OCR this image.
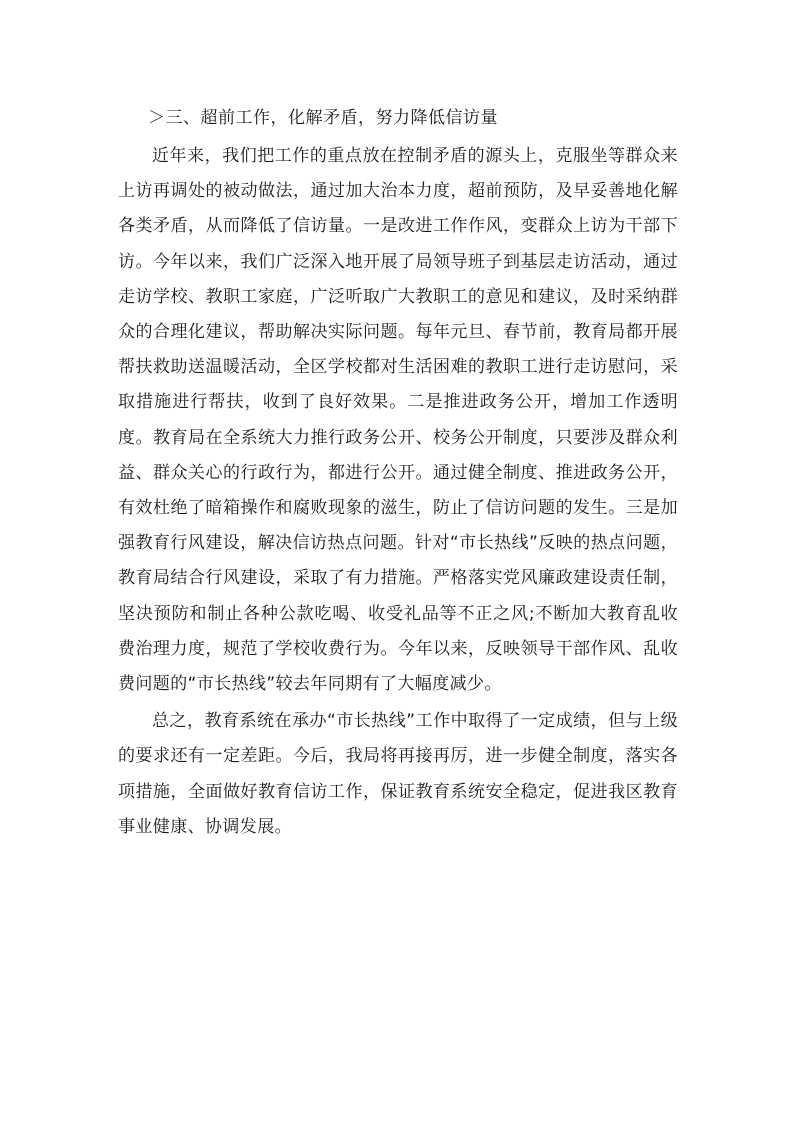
＞三、超前工作，化解矛盾，努力降低信访量

近年来，我们把工作的重点放在控制矛盾的源头上，克服坐等群众来上访再调处的被动做法，通过加大治本力度，超前预防，及早妥善地化解各类矛盾，从而降低了信访量。一是改进工作作风，变群众上访为干部下访。今年以来，我们广泛深入地开展了局领导班子到基层走访活动，通过走访学校、教职工家庭，广泛听取广大教职工的意见和建议，及时采纳群众的合理化建议，帮助解决实际问题。每年元旦、春节前，教育局都开展帮扶救助送温暖活动，全区学校都对生活困难的教职工进行走访慰问，采取措施进行帮扶，收到了良好效果。二是推进政务公开，增加工作透明度。教育局在全系统大力推行政务公开、校务公开制度，只要涉及群众利益、群众关心的行政行为，都进行公开。通过健全制度、推进政务公开，有效杜绝了暗箱操作和腐败现象的滋生，防止了信访问题的发生。三是加强教育行风建设，解决信访热点问题。针对“市长热线”反映的热点问题，教育局结合行风建设，采取了有力措施。严格落实党风廉政建设责任制，坚决预防和制止各种公款吃喝、收受礼品等不正之风;不断加大教育乱收费治理力度，规范了学校收费行为。今年以来，反映领导干部作风、乱收费问题的“市长热线”较去年同期有了大幅度减少。

总之，教育系统在承办“市长热线”工作中取得了一定成绩，但与上级的要求还有一定差距。今后，我局将再接再厉，进一步健全制度，落实各项措施，全面做好教育信访工作，保证教育系统安全稳定，促进我区教育事业健康、协调发展。
